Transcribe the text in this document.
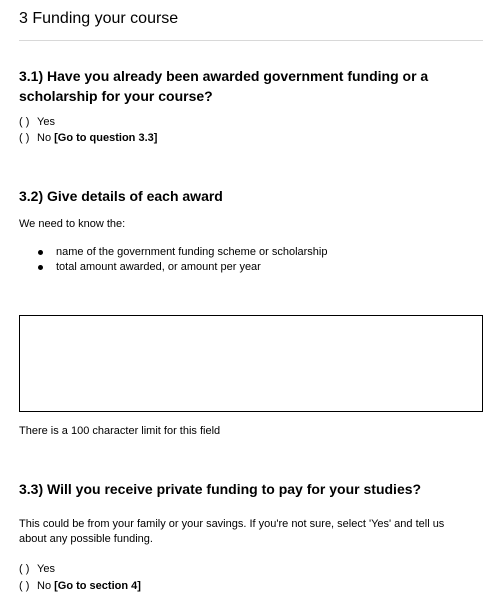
3 Funding your course
3.1) Have you already been awarded government funding or a
scholarship for your course?
( ) Yes
( ) No [Go to question 3.3]
3.2) Give details of each award

We need to know the:

name of the government funding scheme or scholarship
total amount awarded, or amount per year

There is a 100 character limit for this field

3.3) Will you receive private funding to pay for your studies?

This could be from your family or your savings. If you're not sure, select 'Yes' and tell us
about any possible funding.

( ) Yes
( ) No [Go to section 4]
